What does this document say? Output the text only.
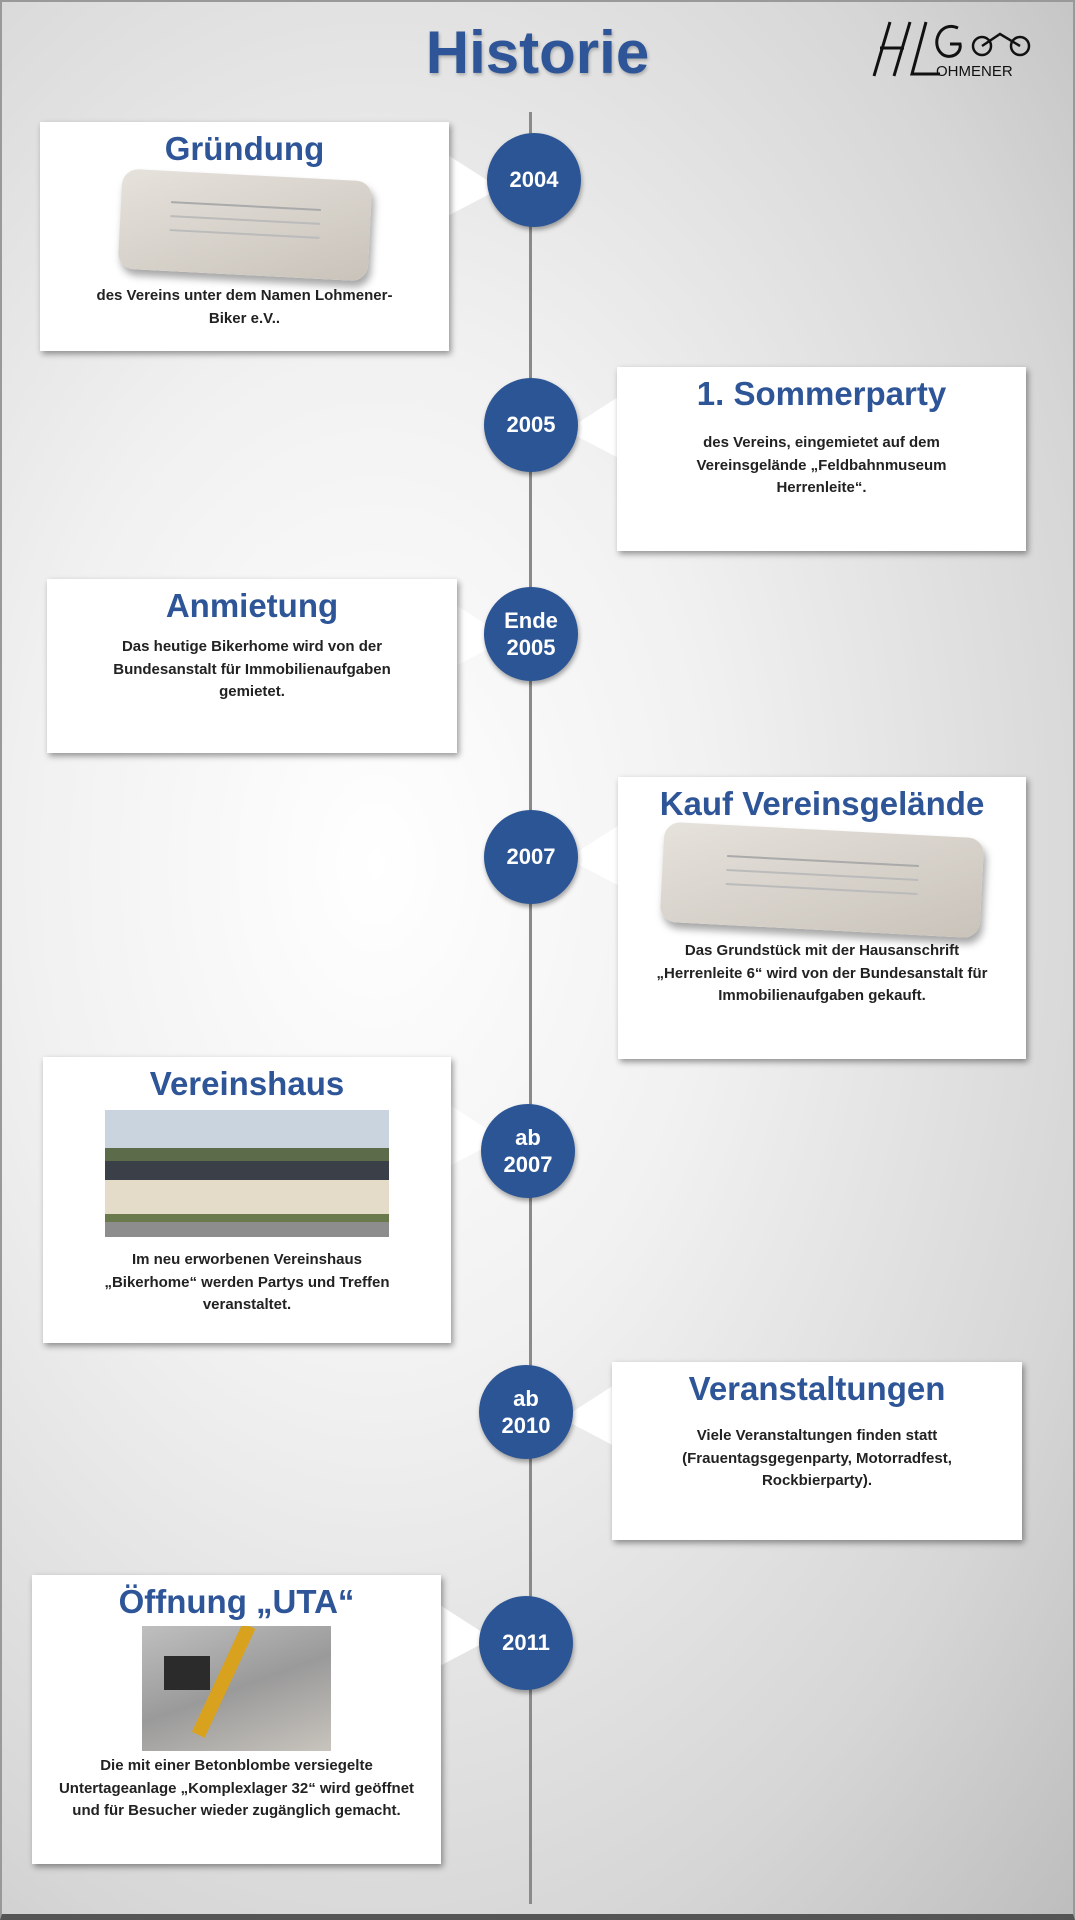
Historie	OHMENER
Gründung

des Vereins unter dem Namen Lohmener-Biker e.V..

2004
1. Sommerparty

des Vereins, eingemietet auf dem Vereinsgelände „Feldbahnmuseum Herrenleite“.

2005
Anmietung

Das heutige Bikerhome wird von der Bundesanstalt für Immobilienaufgaben gemietet.

Ende
2005
Kauf Vereinsgelände

Das Grundstück mit der Hausanschrift „Herrenleite 6“ wird von der Bundesanstalt für Immobilienaufgaben gekauft.

2007
Vereinshaus

Im neu erworbenen Vereinshaus „Bikerhome“ werden Partys und Treffen veranstaltet.

ab
2007
Veranstaltungen

Viele Veranstaltungen finden statt (Frauentagsgegenparty, Motorradfest, Rockbierparty).

ab
2010
Öffnung „UTA“

Die mit einer Betonblombe versiegelte Untertageanlage „Komplexlager 32“ wird geöffnet und für Besucher wieder zugänglich gemacht.

2011
